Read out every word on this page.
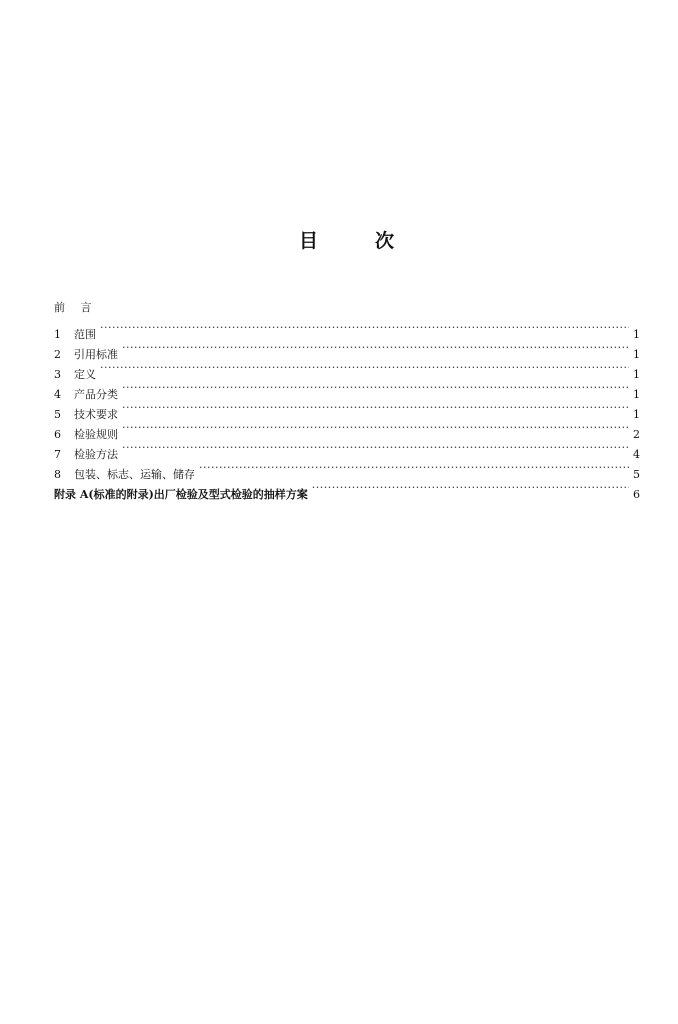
目	次
前 言
1	范围 ·····	1
2	引用标准 ·····	1
3	定义 ·····	1
4	产品分类 ·····	1
5	技术要求 ·····	1
6	检验规则 ·····	2
7	检验方法 ·····	4
8	包装、标志、运输、储存 ·····	5
附录 A(标准的附录)出厂检验及型式检验的抽样方案 ·····	6
